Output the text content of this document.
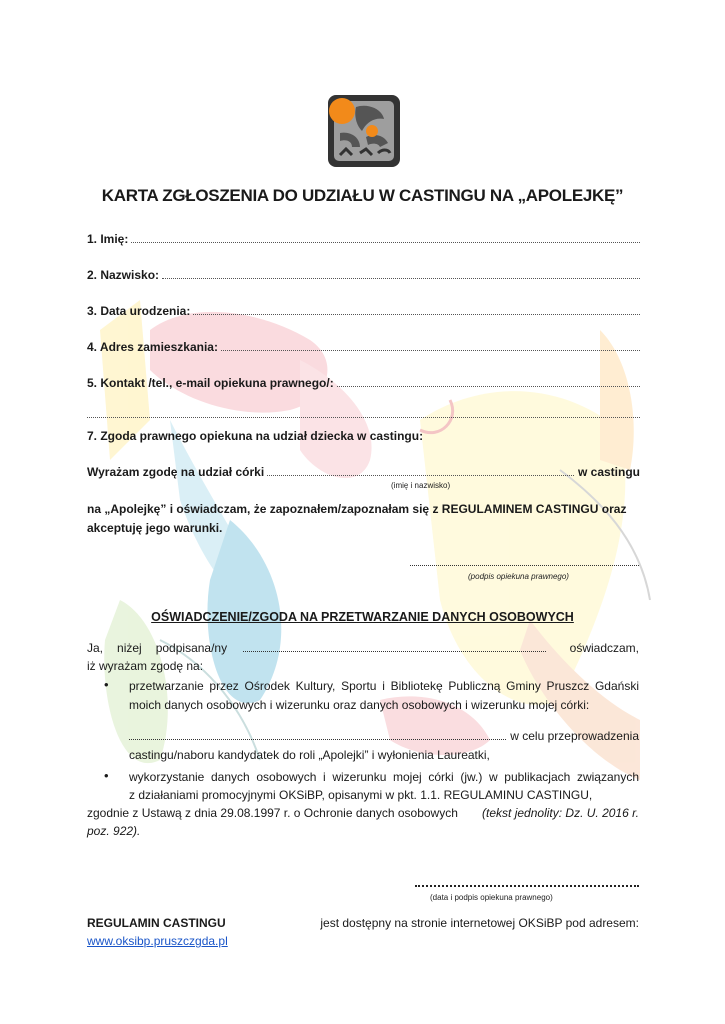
KARTA ZGŁOSZENIA DO UDZIAŁU W CASTINGU NA „APOLEJKĘ”
1. Imię:
2. Nazwisko:
3. Data urodzenia:
4. Adres zamieszkania:
5. Kontakt /tel., e-mail opiekuna prawnego/:
7. Zgoda prawnego opiekuna na udział dziecka w castingu:
Wyrażam zgodę na udział córki	w castingu
(imię i nazwisko)
na „Apolejkę” i oświadczam, że zapoznałem/zapoznałam się z REGULAMINEM CASTINGU oraz
akceptuję jego warunki.
(podpis opiekuna prawnego)
OŚWIADCZENIE/ZGODA NA PRZETWARZANIE DANYCH OSOBOWYCH
Ja, niżej podpisana/ny	oświadczam,
iż wyrażam zgodę na:
• przetwarzanie przez Ośrodek Kultury, Sportu i Bibliotekę Publiczną Gminy Pruszcz Gdański
moich danych osobowych i wizerunku oraz danych osobowych i wizerunku mojej córki:
w celu przeprowadzenia
castingu/naboru kandydatek do roli „Apolejki” i wyłonienia Laureatki,
• wykorzystanie danych osobowych i wizerunku mojej córki (jw.) w publikacjach związanych
z działaniami promocyjnymi OKSiBP, opisanymi w pkt. 1.1. REGULAMINU CASTINGU,
zgodnie z Ustawą z dnia 29.08.1997 r. o Ochronie danych osobowych (tekst jednolity: Dz. U. 2016 r.
poz. 922).
(data i podpis opiekuna prawnego)
REGULAMIN CASTINGU	jest dostępny na stronie internetowej OKSiBP pod adresem:
www.oksibp.pruszczgda.pl
